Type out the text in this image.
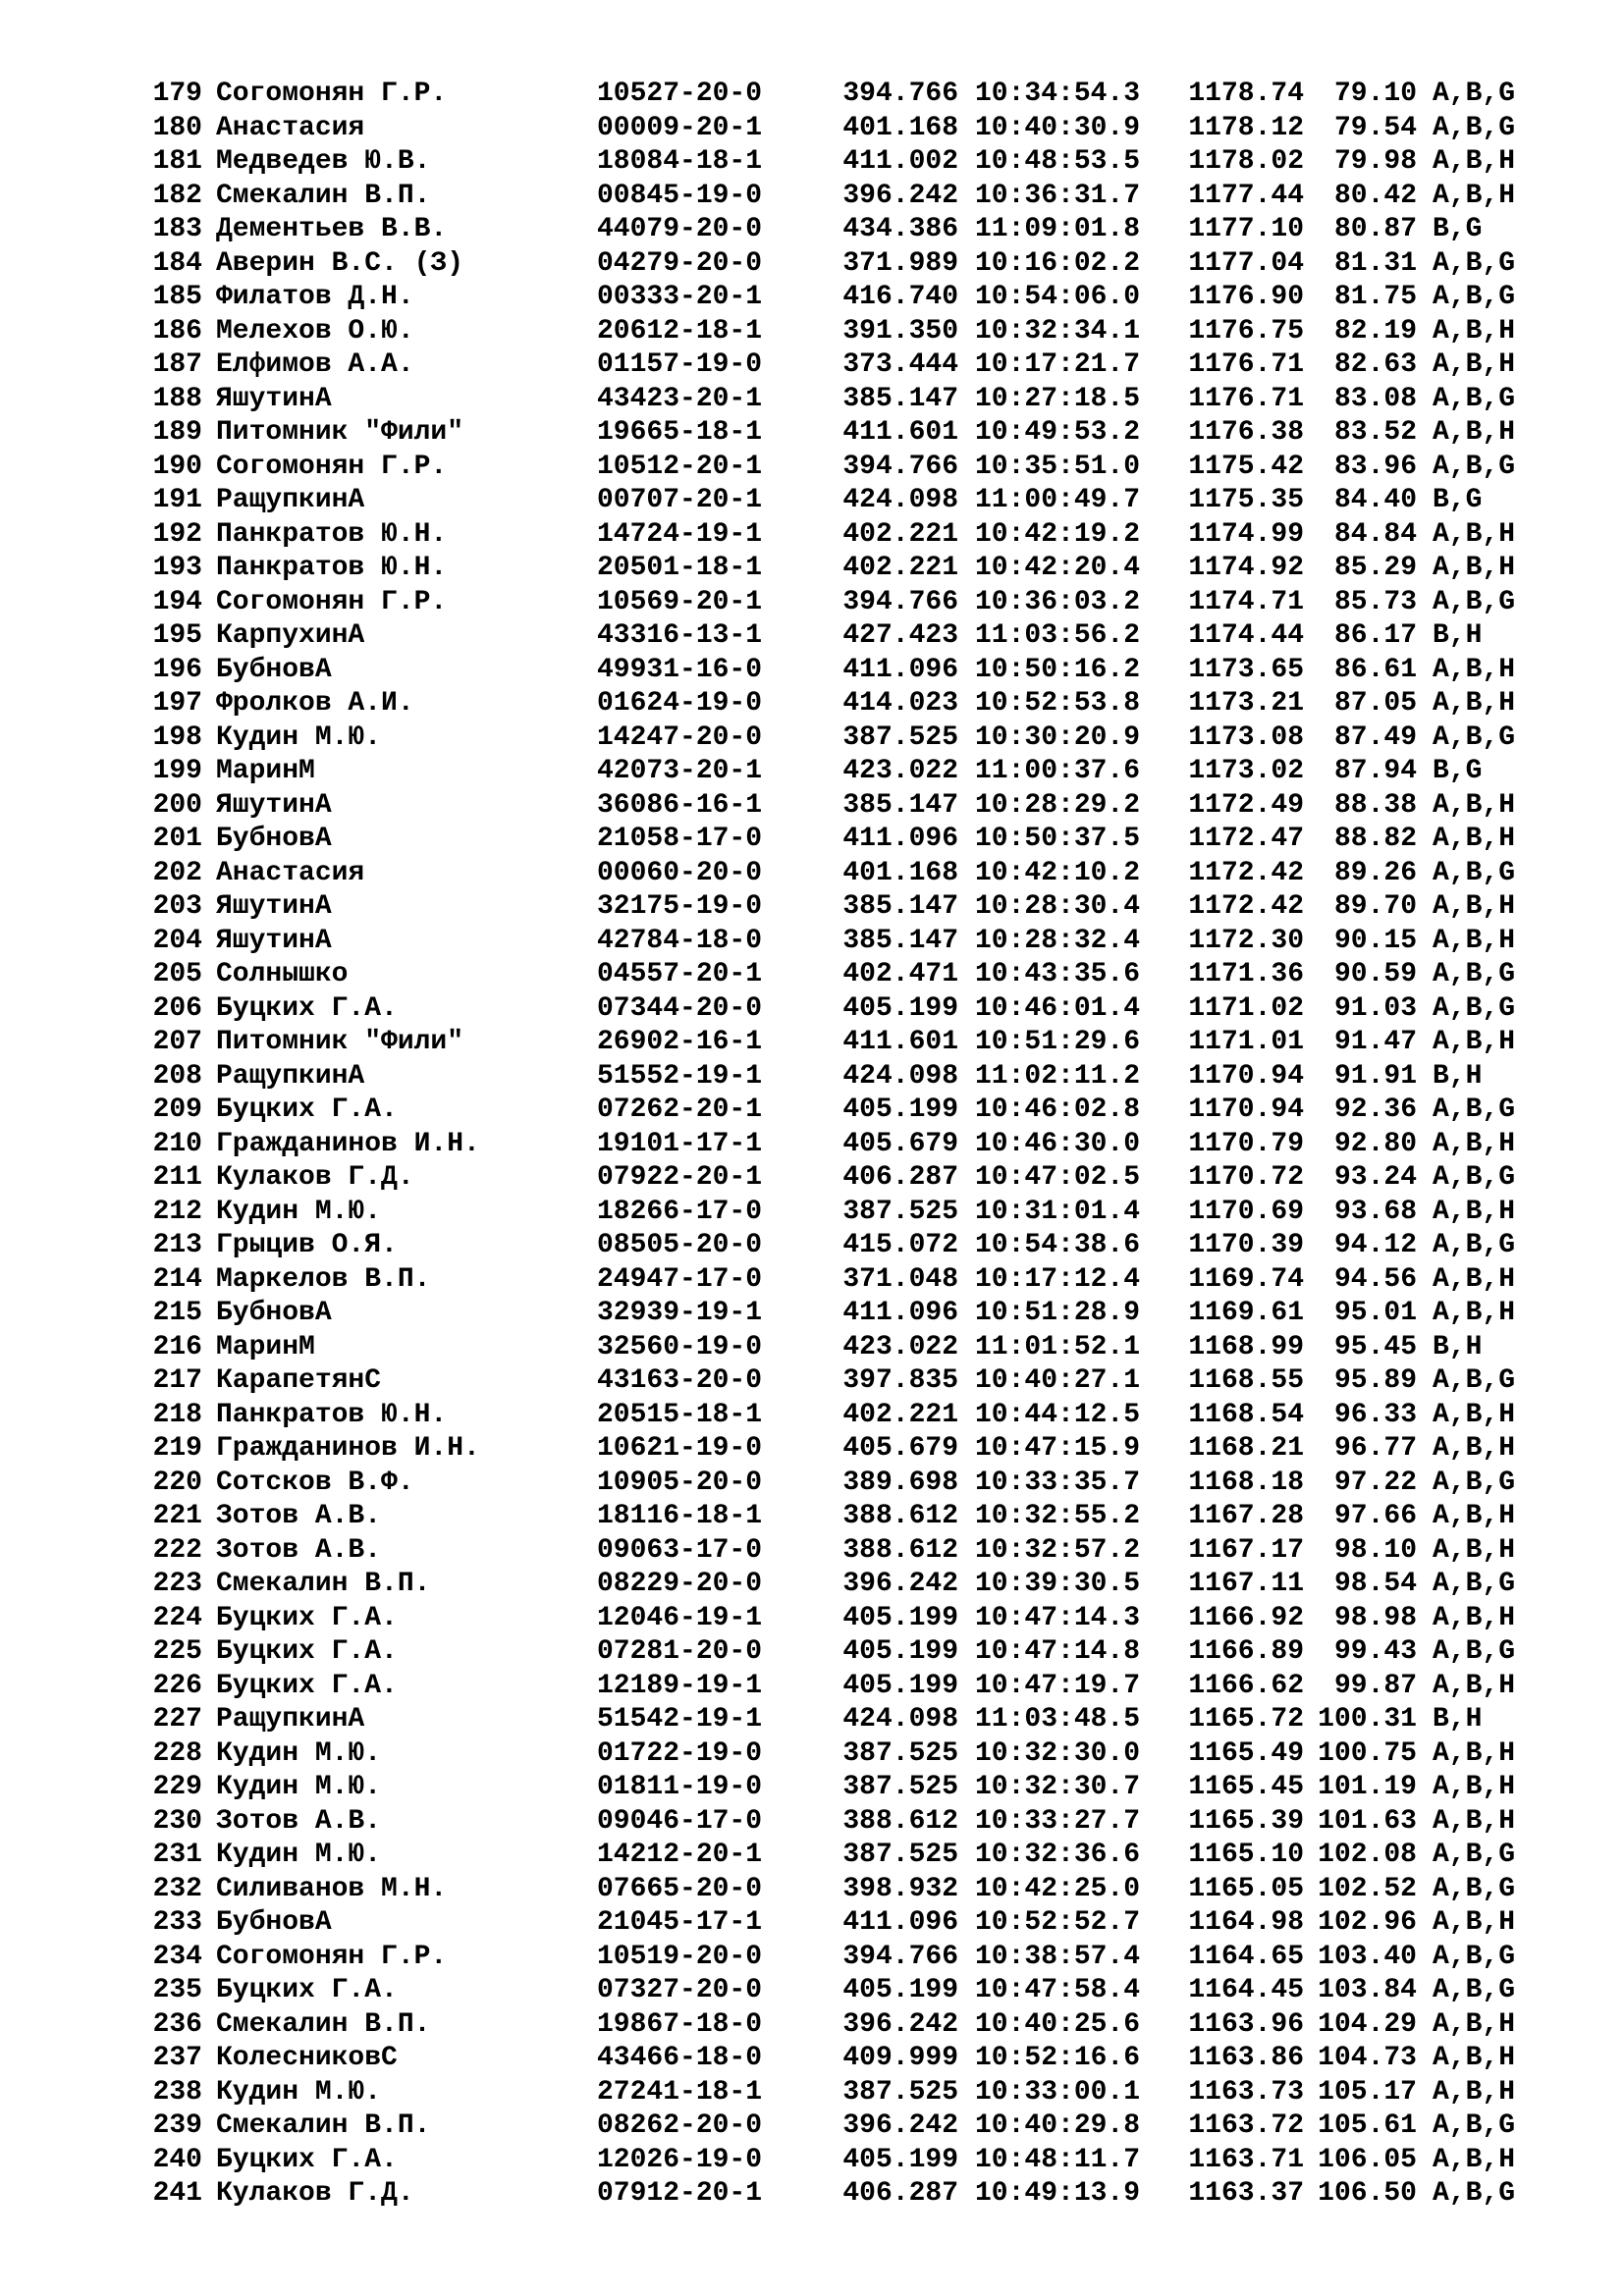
179 Согомонян Г.Р.	10527-20-0	394.766 10:34:54.3	1178.74	79.10 A,B,G
180 Анастасия	00009-20-1	401.168 10:40:30.9	1178.12	79.54 A,B,G
181 Медведев Ю.В.	18084-18-1	411.002 10:48:53.5	1178.02	79.98 A,B,H
182 Смекалин В.П.	00845-19-0	396.242 10:36:31.7	1177.44	80.42 A,B,H
183 Дементьев В.В.	44079-20-0	434.386 11:09:01.8	1177.10	80.87 B,G
184 Аверин В.С. (З)	04279-20-0	371.989 10:16:02.2	1177.04	81.31 A,B,G
185 Филатов Д.Н.	00333-20-1	416.740 10:54:06.0	1176.90	81.75 A,B,G
186 Мелехов О.Ю.	20612-18-1	391.350 10:32:34.1	1176.75	82.19 A,B,H
187 Елфимов А.А.	01157-19-0	373.444 10:17:21.7	1176.71	82.63 A,B,H
188 ЯшутинА	43423-20-1	385.147 10:27:18.5	1176.71	83.08 A,B,G
189 Питомник "Фили"	19665-18-1	411.601 10:49:53.2	1176.38	83.52 A,B,H
190 Согомонян Г.Р.	10512-20-1	394.766 10:35:51.0	1175.42	83.96 A,B,G
191 РащупкинА	00707-20-1	424.098 11:00:49.7	1175.35	84.40 B,G
192 Панкратов Ю.Н.	14724-19-1	402.221 10:42:19.2	1174.99	84.84 A,B,H
193 Панкратов Ю.Н.	20501-18-1	402.221 10:42:20.4	1174.92	85.29 A,B,H
194 Согомонян Г.Р.	10569-20-1	394.766 10:36:03.2	1174.71	85.73 A,B,G
195 КарпухинА	43316-13-1	427.423 11:03:56.2	1174.44	86.17 B,H
196 БубновА	49931-16-0	411.096 10:50:16.2	1173.65	86.61 A,B,H
197 Фролков А.И.	01624-19-0	414.023 10:52:53.8	1173.21	87.05 A,B,H
198 Кудин М.Ю.	14247-20-0	387.525 10:30:20.9	1173.08	87.49 A,B,G
199 МаринМ	42073-20-1	423.022 11:00:37.6	1173.02	87.94 B,G
200 ЯшутинА	36086-16-1	385.147 10:28:29.2	1172.49	88.38 A,B,H
201 БубновА	21058-17-0	411.096 10:50:37.5	1172.47	88.82 A,B,H
202 Анастасия	00060-20-0	401.168 10:42:10.2	1172.42	89.26 A,B,G
203 ЯшутинА	32175-19-0	385.147 10:28:30.4	1172.42	89.70 A,B,H
204 ЯшутинА	42784-18-0	385.147 10:28:32.4	1172.30	90.15 A,B,H
205 Солнышко	04557-20-1	402.471 10:43:35.6	1171.36	90.59 A,B,G
206 Буцких Г.А.	07344-20-0	405.199 10:46:01.4	1171.02	91.03 A,B,G
207 Питомник "Фили"	26902-16-1	411.601 10:51:29.6	1171.01	91.47 A,B,H
208 РащупкинА	51552-19-1	424.098 11:02:11.2	1170.94	91.91 B,H
209 Буцких Г.А.	07262-20-1	405.199 10:46:02.8	1170.94	92.36 A,B,G
210 Гражданинов И.Н.	19101-17-1	405.679 10:46:30.0	1170.79	92.80 A,B,H
211 Кулаков Г.Д.	07922-20-1	406.287 10:47:02.5	1170.72	93.24 A,B,G
212 Кудин М.Ю.	18266-17-0	387.525 10:31:01.4	1170.69	93.68 A,B,H
213 Грыцив О.Я.	08505-20-0	415.072 10:54:38.6	1170.39	94.12 A,B,G
214 Маркелов В.П.	24947-17-0	371.048 10:17:12.4	1169.74	94.56 A,B,H
215 БубновА	32939-19-1	411.096 10:51:28.9	1169.61	95.01 A,B,H
216 МаринМ	32560-19-0	423.022 11:01:52.1	1168.99	95.45 B,H
217 КарапетянС	43163-20-0	397.835 10:40:27.1	1168.55	95.89 A,B,G
218 Панкратов Ю.Н.	20515-18-1	402.221 10:44:12.5	1168.54	96.33 A,B,H
219 Гражданинов И.Н.	10621-19-0	405.679 10:47:15.9	1168.21	96.77 A,B,H
220 Сотсков В.Ф.	10905-20-0	389.698 10:33:35.7	1168.18	97.22 A,B,G
221 Зотов А.В.	18116-18-1	388.612 10:32:55.2	1167.28	97.66 A,B,H
222 Зотов А.В.	09063-17-0	388.612 10:32:57.2	1167.17	98.10 A,B,H
223 Смекалин В.П.	08229-20-0	396.242 10:39:30.5	1167.11	98.54 A,B,G
224 Буцких Г.А.	12046-19-1	405.199 10:47:14.3	1166.92	98.98 A,B,H
225 Буцких Г.А.	07281-20-0	405.199 10:47:14.8	1166.89	99.43 A,B,G
226 Буцких Г.А.	12189-19-1	405.199 10:47:19.7	1166.62	99.87 A,B,H
227 РащупкинА	51542-19-1	424.098 11:03:48.5	1165.72 100.31 B,H
228 Кудин М.Ю.	01722-19-0	387.525 10:32:30.0	1165.49 100.75 A,B,H
229 Кудин М.Ю.	01811-19-0	387.525 10:32:30.7	1165.45 101.19 A,B,H
230 Зотов А.В.	09046-17-0	388.612 10:33:27.7	1165.39 101.63 A,B,H
231 Кудин М.Ю.	14212-20-1	387.525 10:32:36.6	1165.10 102.08 A,B,G
232 Силиванов М.Н.	07665-20-0	398.932 10:42:25.0	1165.05 102.52 A,B,G
233 БубновА	21045-17-1	411.096 10:52:52.7	1164.98 102.96 A,B,H
234 Согомонян Г.Р.	10519-20-0	394.766 10:38:57.4	1164.65 103.40 A,B,G
235 Буцких Г.А.	07327-20-0	405.199 10:47:58.4	1164.45 103.84 A,B,G
236 Смекалин В.П.	19867-18-0	396.242 10:40:25.6	1163.96 104.29 A,B,H
237 КолесниковС	43466-18-0	409.999 10:52:16.6	1163.86 104.73 A,B,H
238 Кудин М.Ю.	27241-18-1	387.525 10:33:00.1	1163.73 105.17 A,B,H
239 Смекалин В.П.	08262-20-0	396.242 10:40:29.8	1163.72 105.61 A,B,G
240 Буцких Г.А.	12026-19-0	405.199 10:48:11.7	1163.71 106.05 A,B,H
241 Кулаков Г.Д.	07912-20-1	406.287 10:49:13.9	1163.37 106.50 A,B,G
